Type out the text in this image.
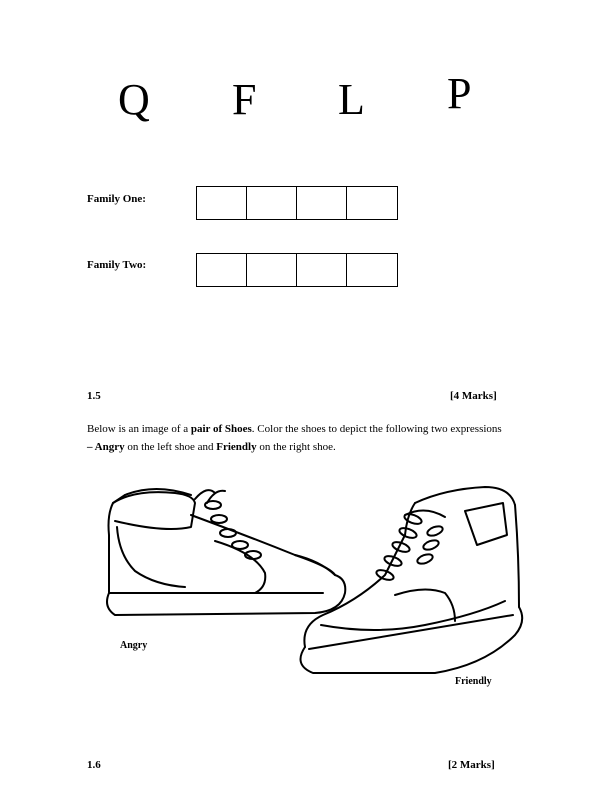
Q F L P
Family One:
Family Two:
1.5	[4 Marks]
Below is an image of a pair of Shoes. Color the shoes to depict the following two expressions
– Angry on the left shoe and Friendly on the right shoe.
Angry
Friendly
1.6	[2 Marks]
